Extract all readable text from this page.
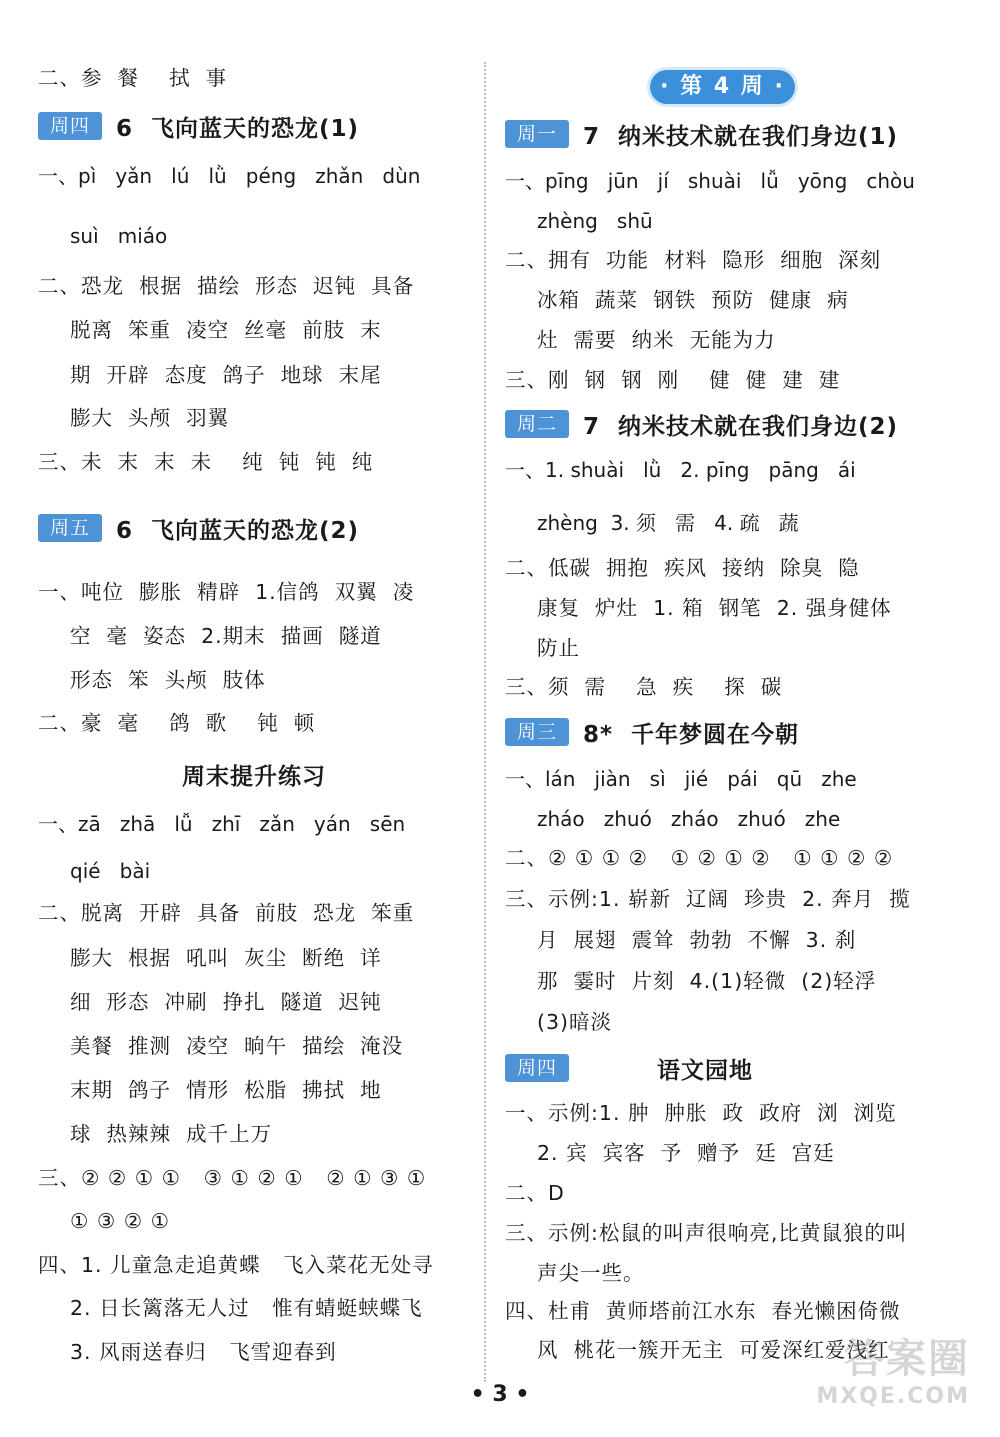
二、参  餐    拭  事
周四	6  飞向蓝天的恐龙(1)
一、pì   yǎn   lú   lǜ   péng   zhǎn   dùn
suì   miáo
二、恐龙  根据  描绘  形态  迟钝  具备
脱离  笨重  凌空  丝毫  前肢  末
期  开辟  态度  鸽子  地球  末尾
膨大  头颅  羽翼
三、未  末  末  未    纯  钝  钝  纯
周五	6  飞向蓝天的恐龙(2)
一、吨位  膨胀  精辟  1.信鸽  双翼  凌
空  毫  姿态  2.期末  描画  隧道
形态  笨  头颅  肢体
二、豪  毫    鸽  歌    钝  顿
周末提升练习
一、zā   zhā   lǚ   zhī   zǎn   yán   sēn
qié   bài
二、脱离  开辟  具备  前肢  恐龙  笨重
膨大  根据  吼叫  灰尘  断绝  详
细  形态  冲刷  挣扎  隧道  迟钝
美餐  推测  凌空  晌午  描绘  淹没
末期  鸽子  情形  松脂  拂拭  地
球  热辣辣  成千上万
三、② ② ① ①   ③ ① ② ①   ② ① ③ ①
① ③ ② ①
四、1. 儿童急走追黄蝶   飞入菜花无处寻
2. 日长篱落无人过   惟有蜻蜓蛱蝶飞
3. 风雨送春归   飞雪迎春到
· 第 4 周 ·
周一	7  纳米技术就在我们身边(1)
一、pīng   jūn   jí   shuài   lǚ   yōng   chòu
zhèng   shū
二、拥有  功能  材料  隐形  细胞  深刻
冰箱  蔬菜  钢铁  预防  健康  病
灶  需要  纳米  无能为力
三、刚  钢  钢  刚    健  健  建  建
周二	7  纳米技术就在我们身边(2)
一、1. shuài   lǜ   2. pīng   pāng   ái
zhèng  3. 须   需   4. 疏   蔬
二、低碳  拥抱  疾风  接纳  除臭  隐
康复  炉灶  1. 箱  钢笔  2. 强身健体
防止
三、须  需    急  疾    探  碳
周三	8*  千年梦圆在今朝
一、lán   jiàn   sì   jié   pái   qū   zhe
zháo   zhuó   zháo   zhuó   zhe
二、② ① ① ②   ① ② ① ②   ① ① ② ②
三、示例:1. 崭新  辽阔  珍贵  2. 奔月  揽
月  展翅  震耸  勃勃  不懈  3. 刹
那  霎时  片刻  4.(1)轻微  (2)轻浮
(3)暗淡
周四	语文园地
一、示例:1. 肿  肿胀  政  政府  浏  浏览
2. 宾  宾客  予  赠予  廷  宫廷
二、D
三、示例:松鼠的叫声很响亮,比黄鼠狼的叫
声尖一些。
四、杜甫  黄师塔前江水东  春光懒困倚微
风  桃花一簇开无主  可爱深红爱浅红
• 3 •
答案圈
MXQE.COM
